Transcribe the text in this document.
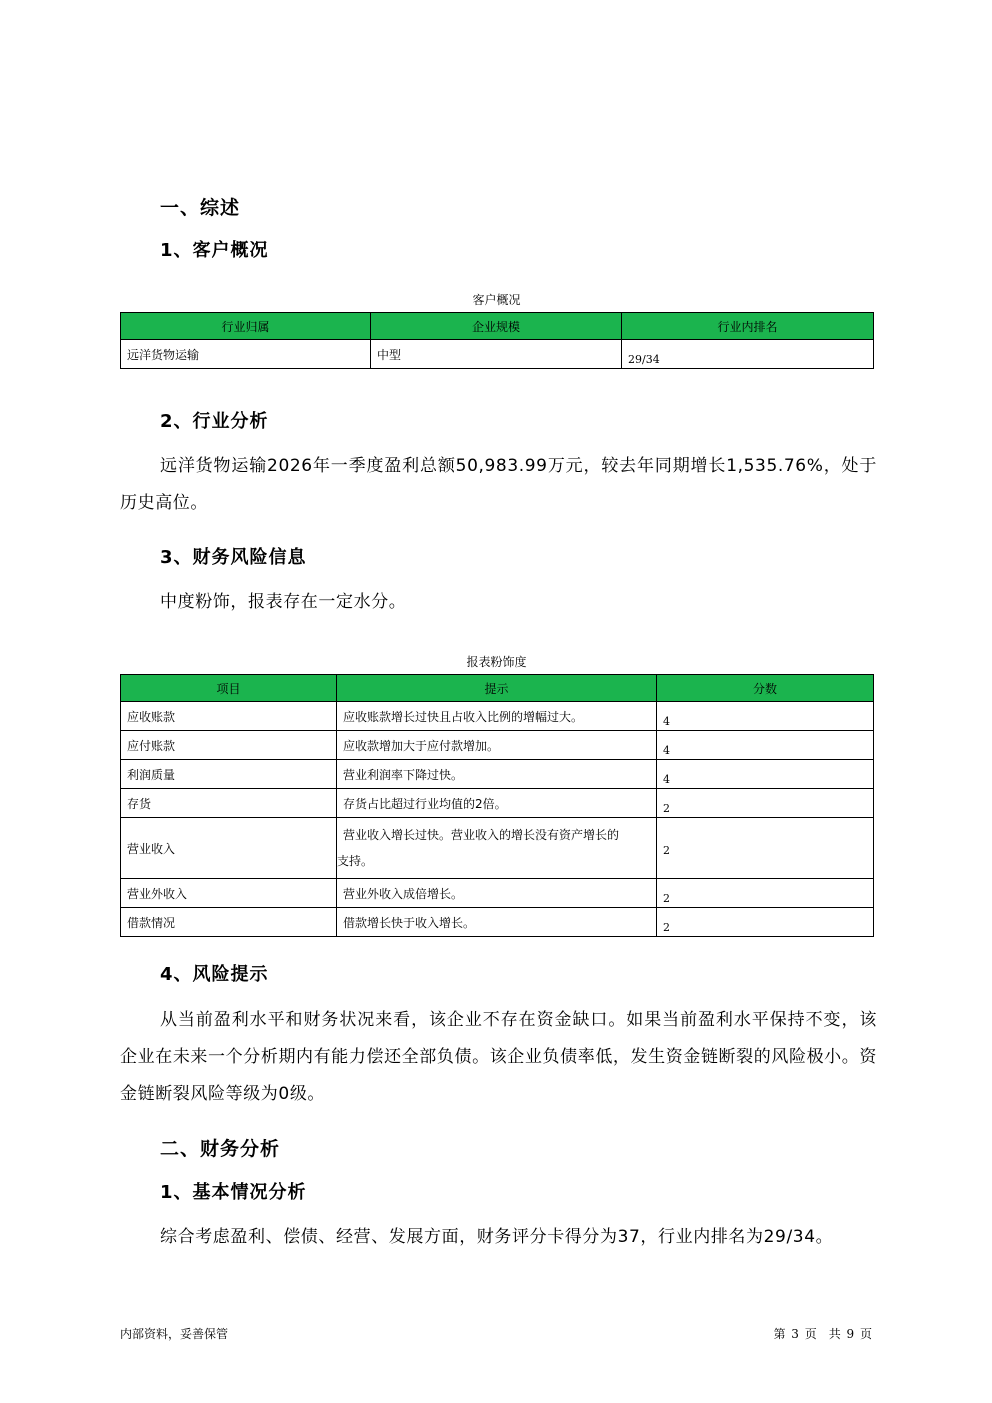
一、综述
1、客户概况
客户概况
行业归属	企业规模	行业内排名
远洋货物运输	中型	29/34
2、行业分析
远洋货物运输2026年一季度盈利总额50,983.99万元，较去年同期增长1,535.76%，处于历史高位。
3、财务风险信息
中度粉饰，报表存在一定水分。
报表粉饰度
项目	提示	分数
应收账款	应收账款增长过快且占收入比例的增幅过大。	4
应付账款	应收款增加大于应付款增加。	4
利润质量	营业利润率下降过快。	4
存货	存货占比超过行业均值的2倍。	2
营业收入	营业收入增长过快。营业收入的增长没有资产增长的
支持。	2
营业外收入	营业外收入成倍增长。	2
借款情况	借款增长快于收入增长。	2
4、风险提示
从当前盈利水平和财务状况来看，该企业不存在资金缺口。如果当前盈利水平保持不变，该企业在未来一个分析期内有能力偿还全部负债。该企业负债率低，发生资金链断裂的风险极小。资金链断裂风险等级为0级。
二、财务分析
1、基本情况分析
综合考虑盈利、偿债、经营、发展方面，财务评分卡得分为37，行业内排名为29/34。
内部资料，妥善保管	第 3 页　共 9 页
